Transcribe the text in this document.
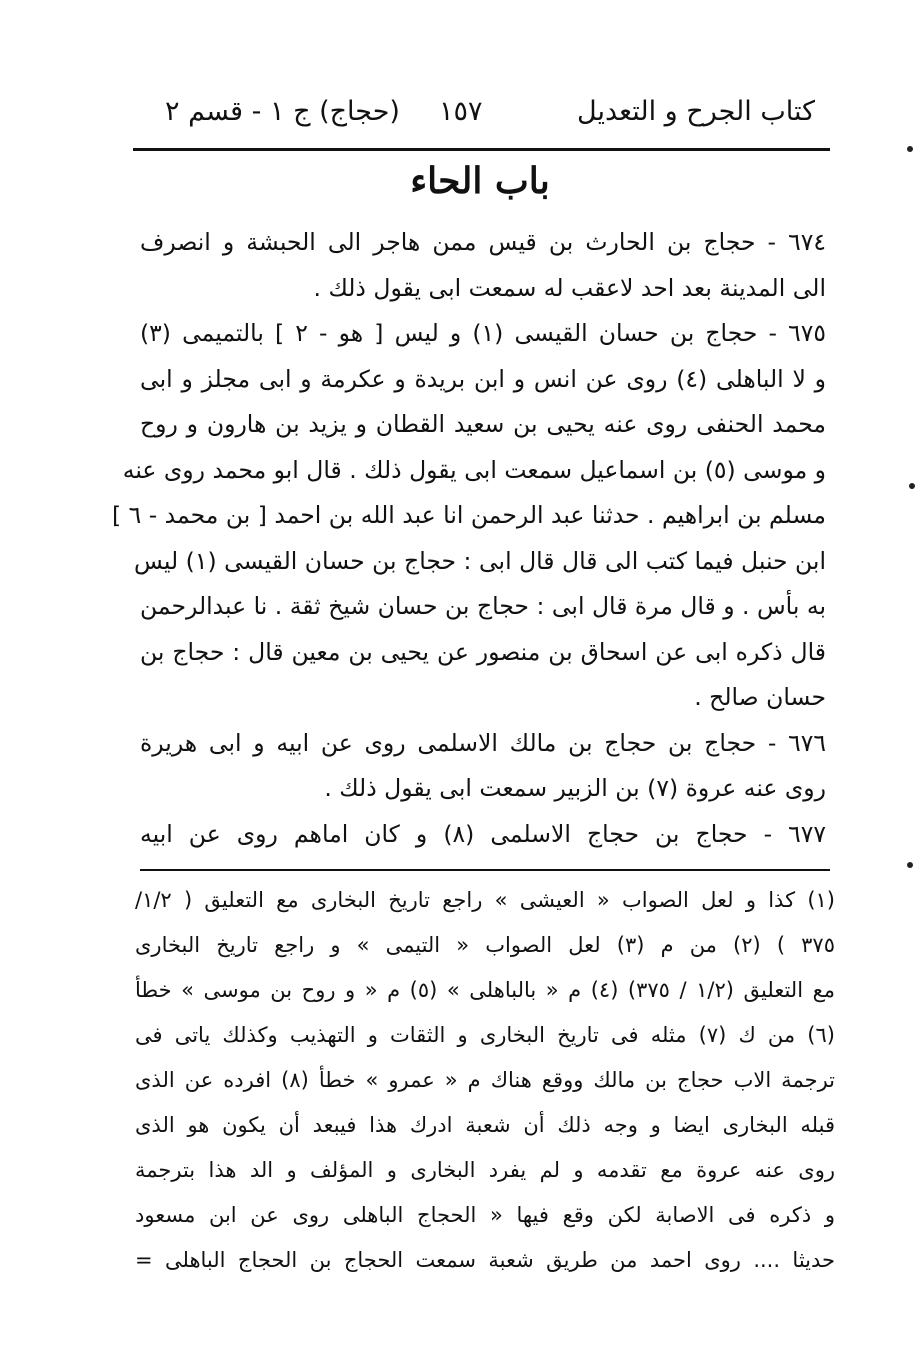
كتاب الجرح و التعديل
١٥٧
(حجاج) ج ١ - قسم ٢
باب الحاء
٦٧٤ - حجاج بن الحارث بن قيس ممن هاجر الى الحبشة و انصرف
الى المدينة بعد احد لاعقب له سمعت ابى يقول ذلك .
٦٧٥ - حجاج بن حسان القيسى (١) و ليس [ هو - ٢ ] بالتميمى (٣)
و لا الباهلى (٤) روى عن انس و ابن بريدة و عكرمة و ابى مجلز و ابى
محمد الحنفى روى عنه يحيى بن سعيد القطان و يزيد بن هارون و روح
و موسى (٥) بن اسماعيل سمعت ابى يقول ذلك . قال ابو محمد روى عنه
مسلم بن ابراهيم . حدثنا عبد الرحمن انا عبد الله بن احمد [ بن محمد - ٦ ]
ابن حنبل فيما كتب الى قال قال ابى : حجاج بن حسان القيسى (١) ليس
به بأس . و قال مرة قال ابى : حجاج بن حسان شيخ ثقة . نا عبدالرحمن
قال ذكره ابى عن اسحاق بن منصور عن يحيى بن معين قال : حجاج بن
حسان صالح .
٦٧٦ - حجاج بن حجاج بن مالك الاسلمى روى عن ابيه و ابى هريرة
روى عنه عروة (٧) بن الزبير سمعت ابى يقول ذلك .
٦٧٧ - حجاج بن حجاج الاسلمى (٨) و كان اماهم روى عن ابيه
(١) كذا و لعل الصواب « العيشى » راجع تاريخ البخارى مع التعليق ( ١/٢/
٣٧٥ ) (٢) من م (٣) لعل الصواب « التيمى » و راجع تاريخ البخارى
مع التعليق (١/٢ / ٣٧٥) (٤) م « بالباهلى » (٥) م « و روح بن موسى » خطأ
(٦) من ك (٧) مثله فى تاريخ البخارى و الثقات و التهذيب وكذلك ياتى فى
ترجمة الاب حجاج بن مالك ووقع هناك م « عمرو » خطأ (٨) افرده عن الذى
قبله البخارى ايضا و وجه ذلك أن شعبة ادرك هذا فيبعد أن يكون هو الذى
روى عنه عروة مع تقدمه و لم يفرد البخارى و المؤلف و الد هذا بترجمة
و ذكره فى الاصابة لكن وقع فيها « الحجاج الباهلى روى عن ابن مسعود
حديثا .... روى احمد من طريق شعبة سمعت الحجاج بن الحجاج الباهلى =
